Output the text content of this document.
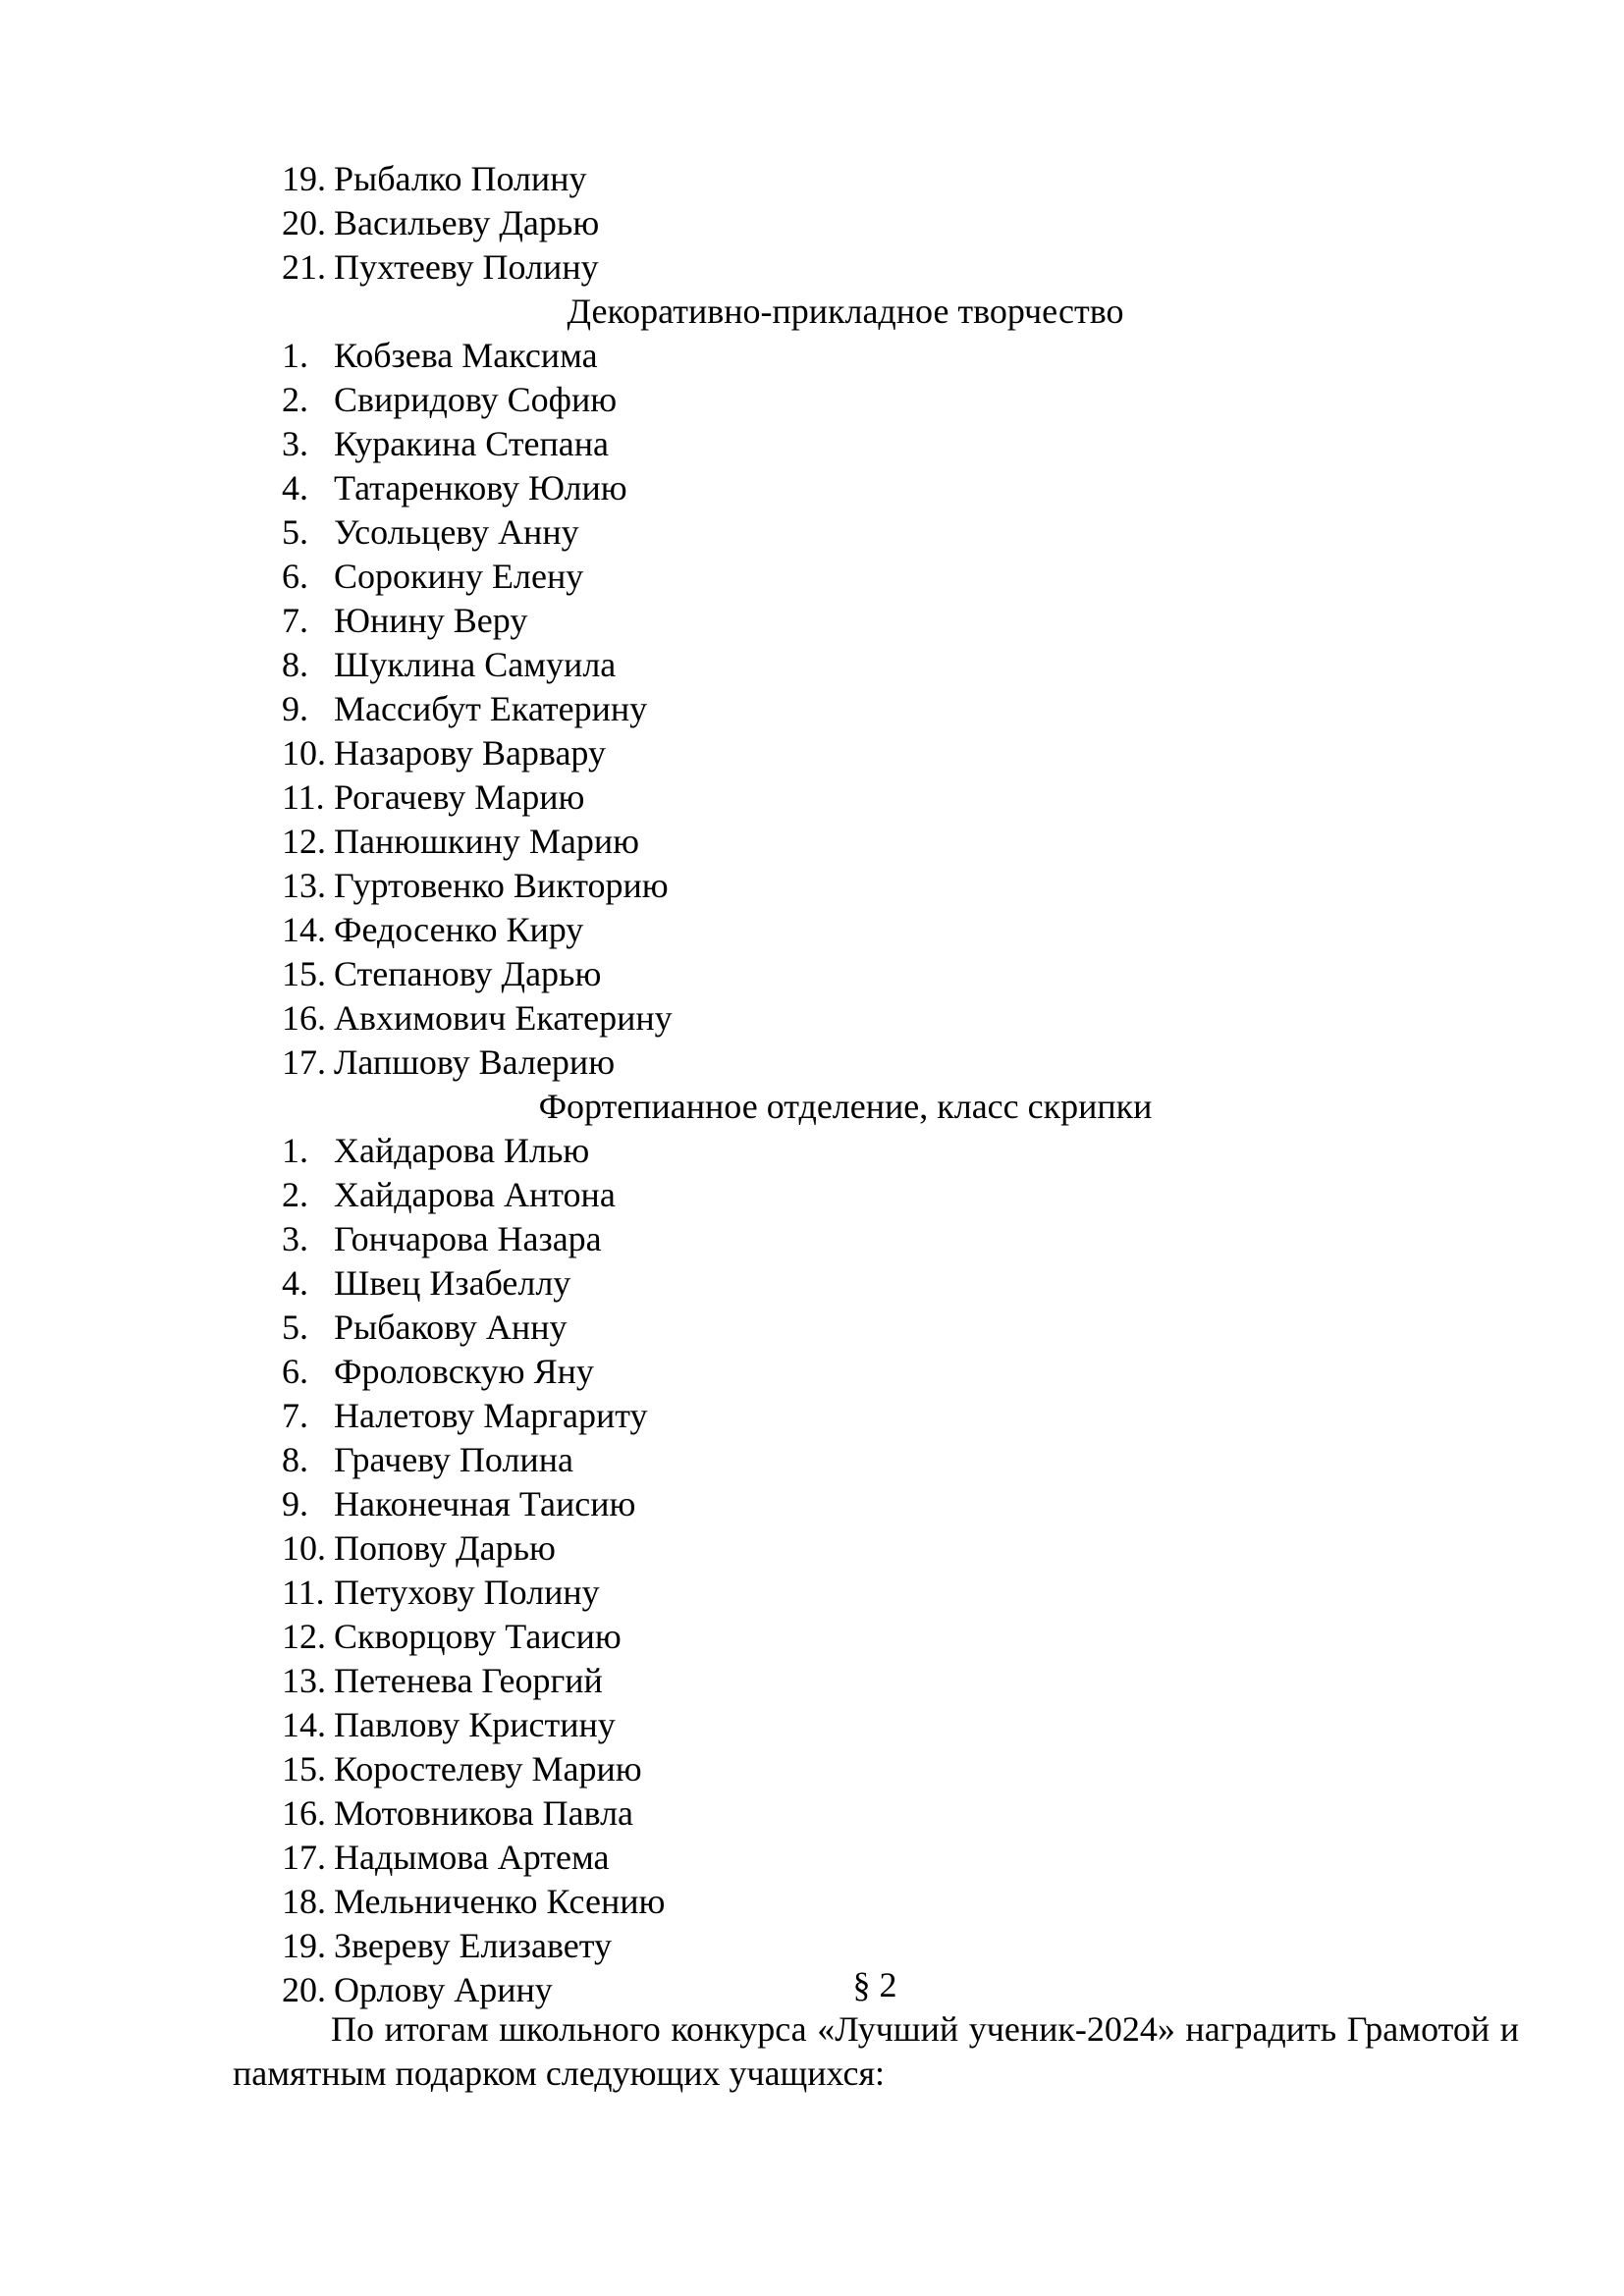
19. Рыбалко Полину
20. Васильеву Дарью
21. Пухтееву Полину
Декоративно-прикладное творчество
1. Кобзева Максима
2. Свиридову Софию
3. Куракина Степана
4. Татаренкову Юлию
5. Усольцеву Анну
6. Сорокину Елену
7. Юнину Веру
8. Шуклина Самуила
9. Массибут Екатерину
10. Назарову Варвару
11. Рогачеву Марию
12. Панюшкину Марию
13. Гуртовенко Викторию
14. Федосенко Киру
15. Степанову Дарью
16. Авхимович Екатерину
17. Лапшову Валерию
Фортепианное отделение, класс скрипки
1. Хайдарова Илью
2. Хайдарова Антона
3. Гончарова Назара
4. Швец Изабеллу
5. Рыбакову Анну
6. Фроловскую Яну
7. Налетову Маргариту
8. Грачеву Полина
9. Наконечная Таисию
10. Попову Дарью
11. Петухову Полину
12. Скворцову Таисию
13. Петенева Георгий
14. Павлову Кристину
15. Коростелеву Марию
16. Мотовникова Павла
17. Надымова Артема
18. Мельниченко Ксению
19. Звереву Елизавету
20. Орлову Арину	§ 2
По итогам школьного конкурса «Лучший ученик-2024» наградить Грамотой и памятным подарком следующих учащихся:
